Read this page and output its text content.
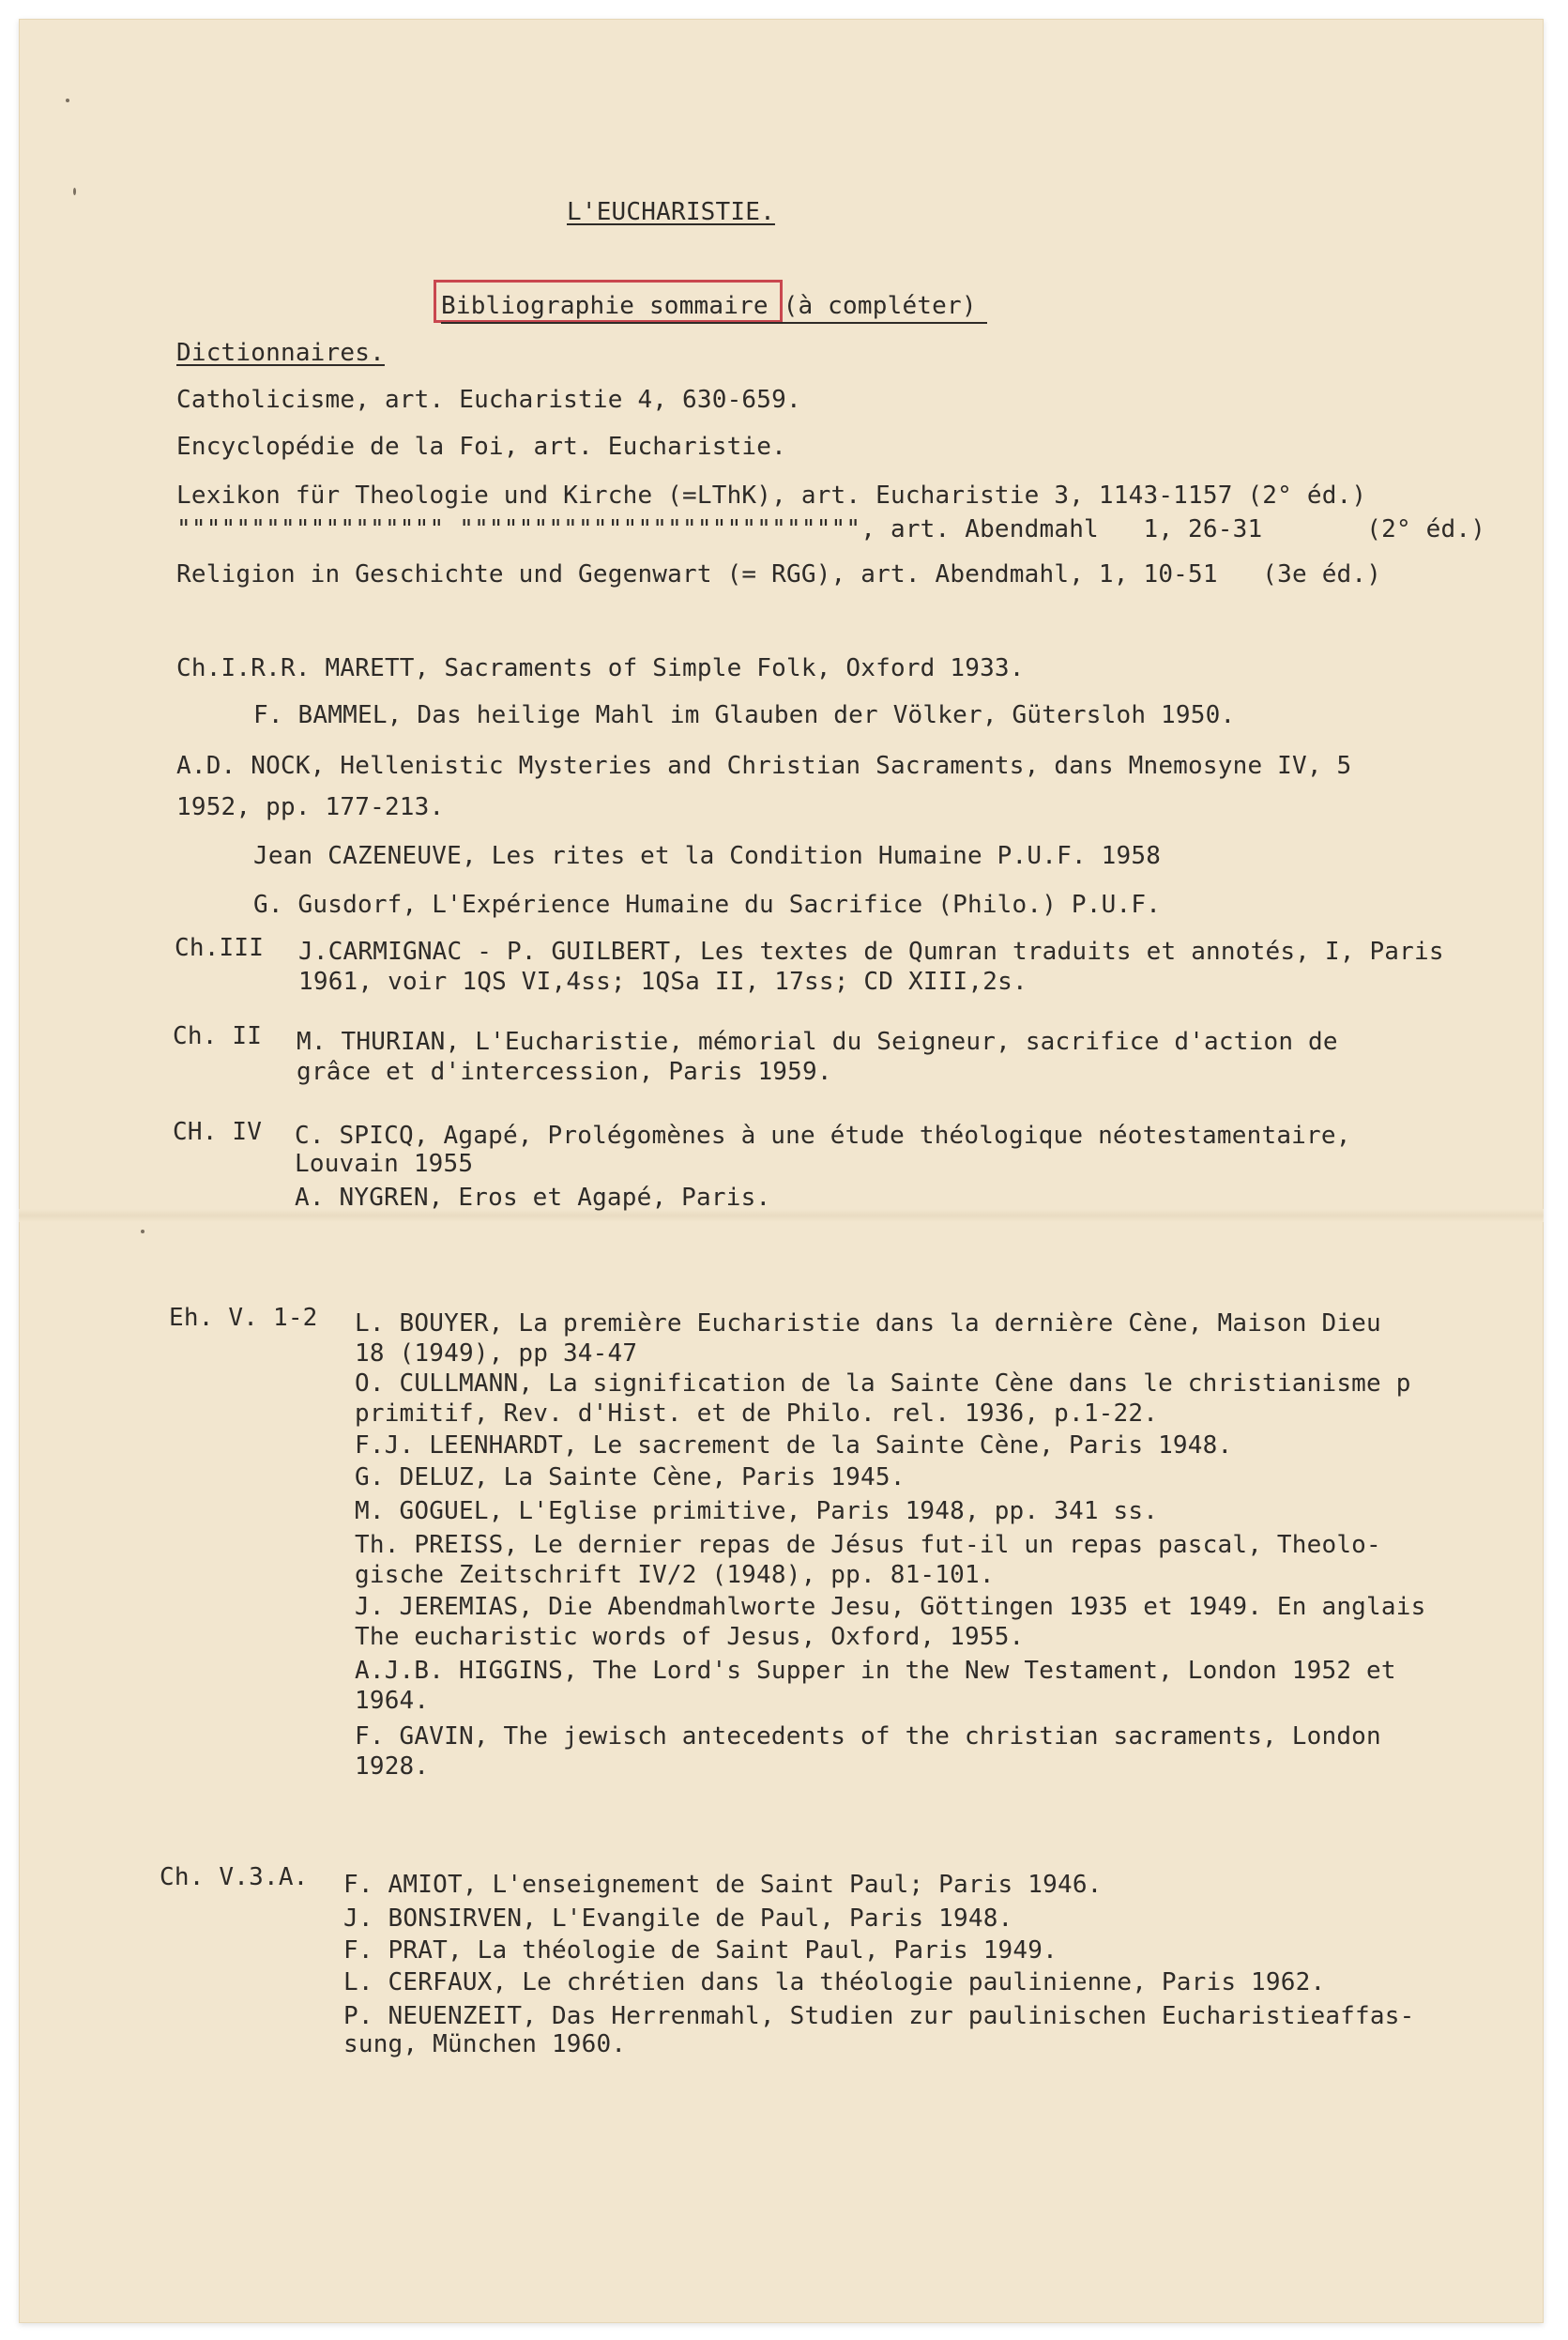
L'EUCHARISTIE.
Bibliographie sommaire (à compléter)
Dictionnaires.
Catholicisme, art. Eucharistie 4, 630-659.
Encyclopédie de la Foi, art. Eucharistie.
Lexikon für Theologie und Kirche (=LThK), art. Eucharistie 3, 1143-1157 (2° éd.)
"""""""""""""""""" """"""""""""""""""""""""""", art. Abendmahl   1, 26-31       (2° éd.)
Religion in Geschichte und Gegenwart (= RGG), art. Abendmahl, 1, 10-51   (3e éd.)
Ch.I.R.R. MARETT, Sacraments of Simple Folk, Oxford 1933.
F. BAMMEL, Das heilige Mahl im Glauben der Völker, Gütersloh 1950.
A.D. NOCK, Hellenistic Mysteries and Christian Sacraments, dans Mnemosyne IV, 5
1952, pp. 177-213.
Jean CAZENEUVE, Les rites et la Condition Humaine P.U.F. 1958
G. Gusdorf, L'Expérience Humaine du Sacrifice (Philo.) P.U.F.
Ch.III J.CARMIGNAC - P. GUILBERT, Les textes de Qumran traduits et annotés, I, Paris
1961, voir 1QS VI,4ss; 1QSa II, 17ss; CD XIII,2s.
Ch. II M. THURIAN, L'Eucharistie, mémorial du Seigneur, sacrifice d'action de
grâce et d'intercession, Paris 1959.
CH. IV C. SPICQ, Agapé, Prolégomènes à une étude théologique néotestamentaire,
Louvain 1955
A. NYGREN, Eros et Agapé, Paris.
Eh. V. 1-2 L. BOUYER, La première Eucharistie dans la dernière Cène, Maison Dieu
18 (1949), pp 34-47
O. CULLMANN, La signification de la Sainte Cène dans le christianisme p
primitif, Rev. d'Hist. et de Philo. rel. 1936, p.1-22.
F.J. LEENHARDT, Le sacrement de la Sainte Cène, Paris 1948.
G. DELUZ, La Sainte Cène, Paris 1945.
M. GOGUEL, L'Eglise primitive, Paris 1948, pp. 341 ss.
Th. PREISS, Le dernier repas de Jésus fut-il un repas pascal, Theolo-
gische Zeitschrift IV/2 (1948), pp. 81-101.
J. JEREMIAS, Die Abendmahlworte Jesu, Göttingen 1935 et 1949. En anglais
The eucharistic words of Jesus, Oxford, 1955.
A.J.B. HIGGINS, The Lord's Supper in the New Testament, London 1952 et
1964.
F. GAVIN, The jewisch antecedents of the christian sacraments, London
1928.
Ch. V.3.A. F. AMIOT, L'enseignement de Saint Paul; Paris 1946.
J. BONSIRVEN, L'Evangile de Paul, Paris 1948.
F. PRAT, La théologie de Saint Paul, Paris 1949.
L. CERFAUX, Le chrétien dans la théologie paulinienne, Paris 1962.
P. NEUENZEIT, Das Herrenmahl, Studien zur paulinischen Eucharistieaffas-
sung, München 1960.
